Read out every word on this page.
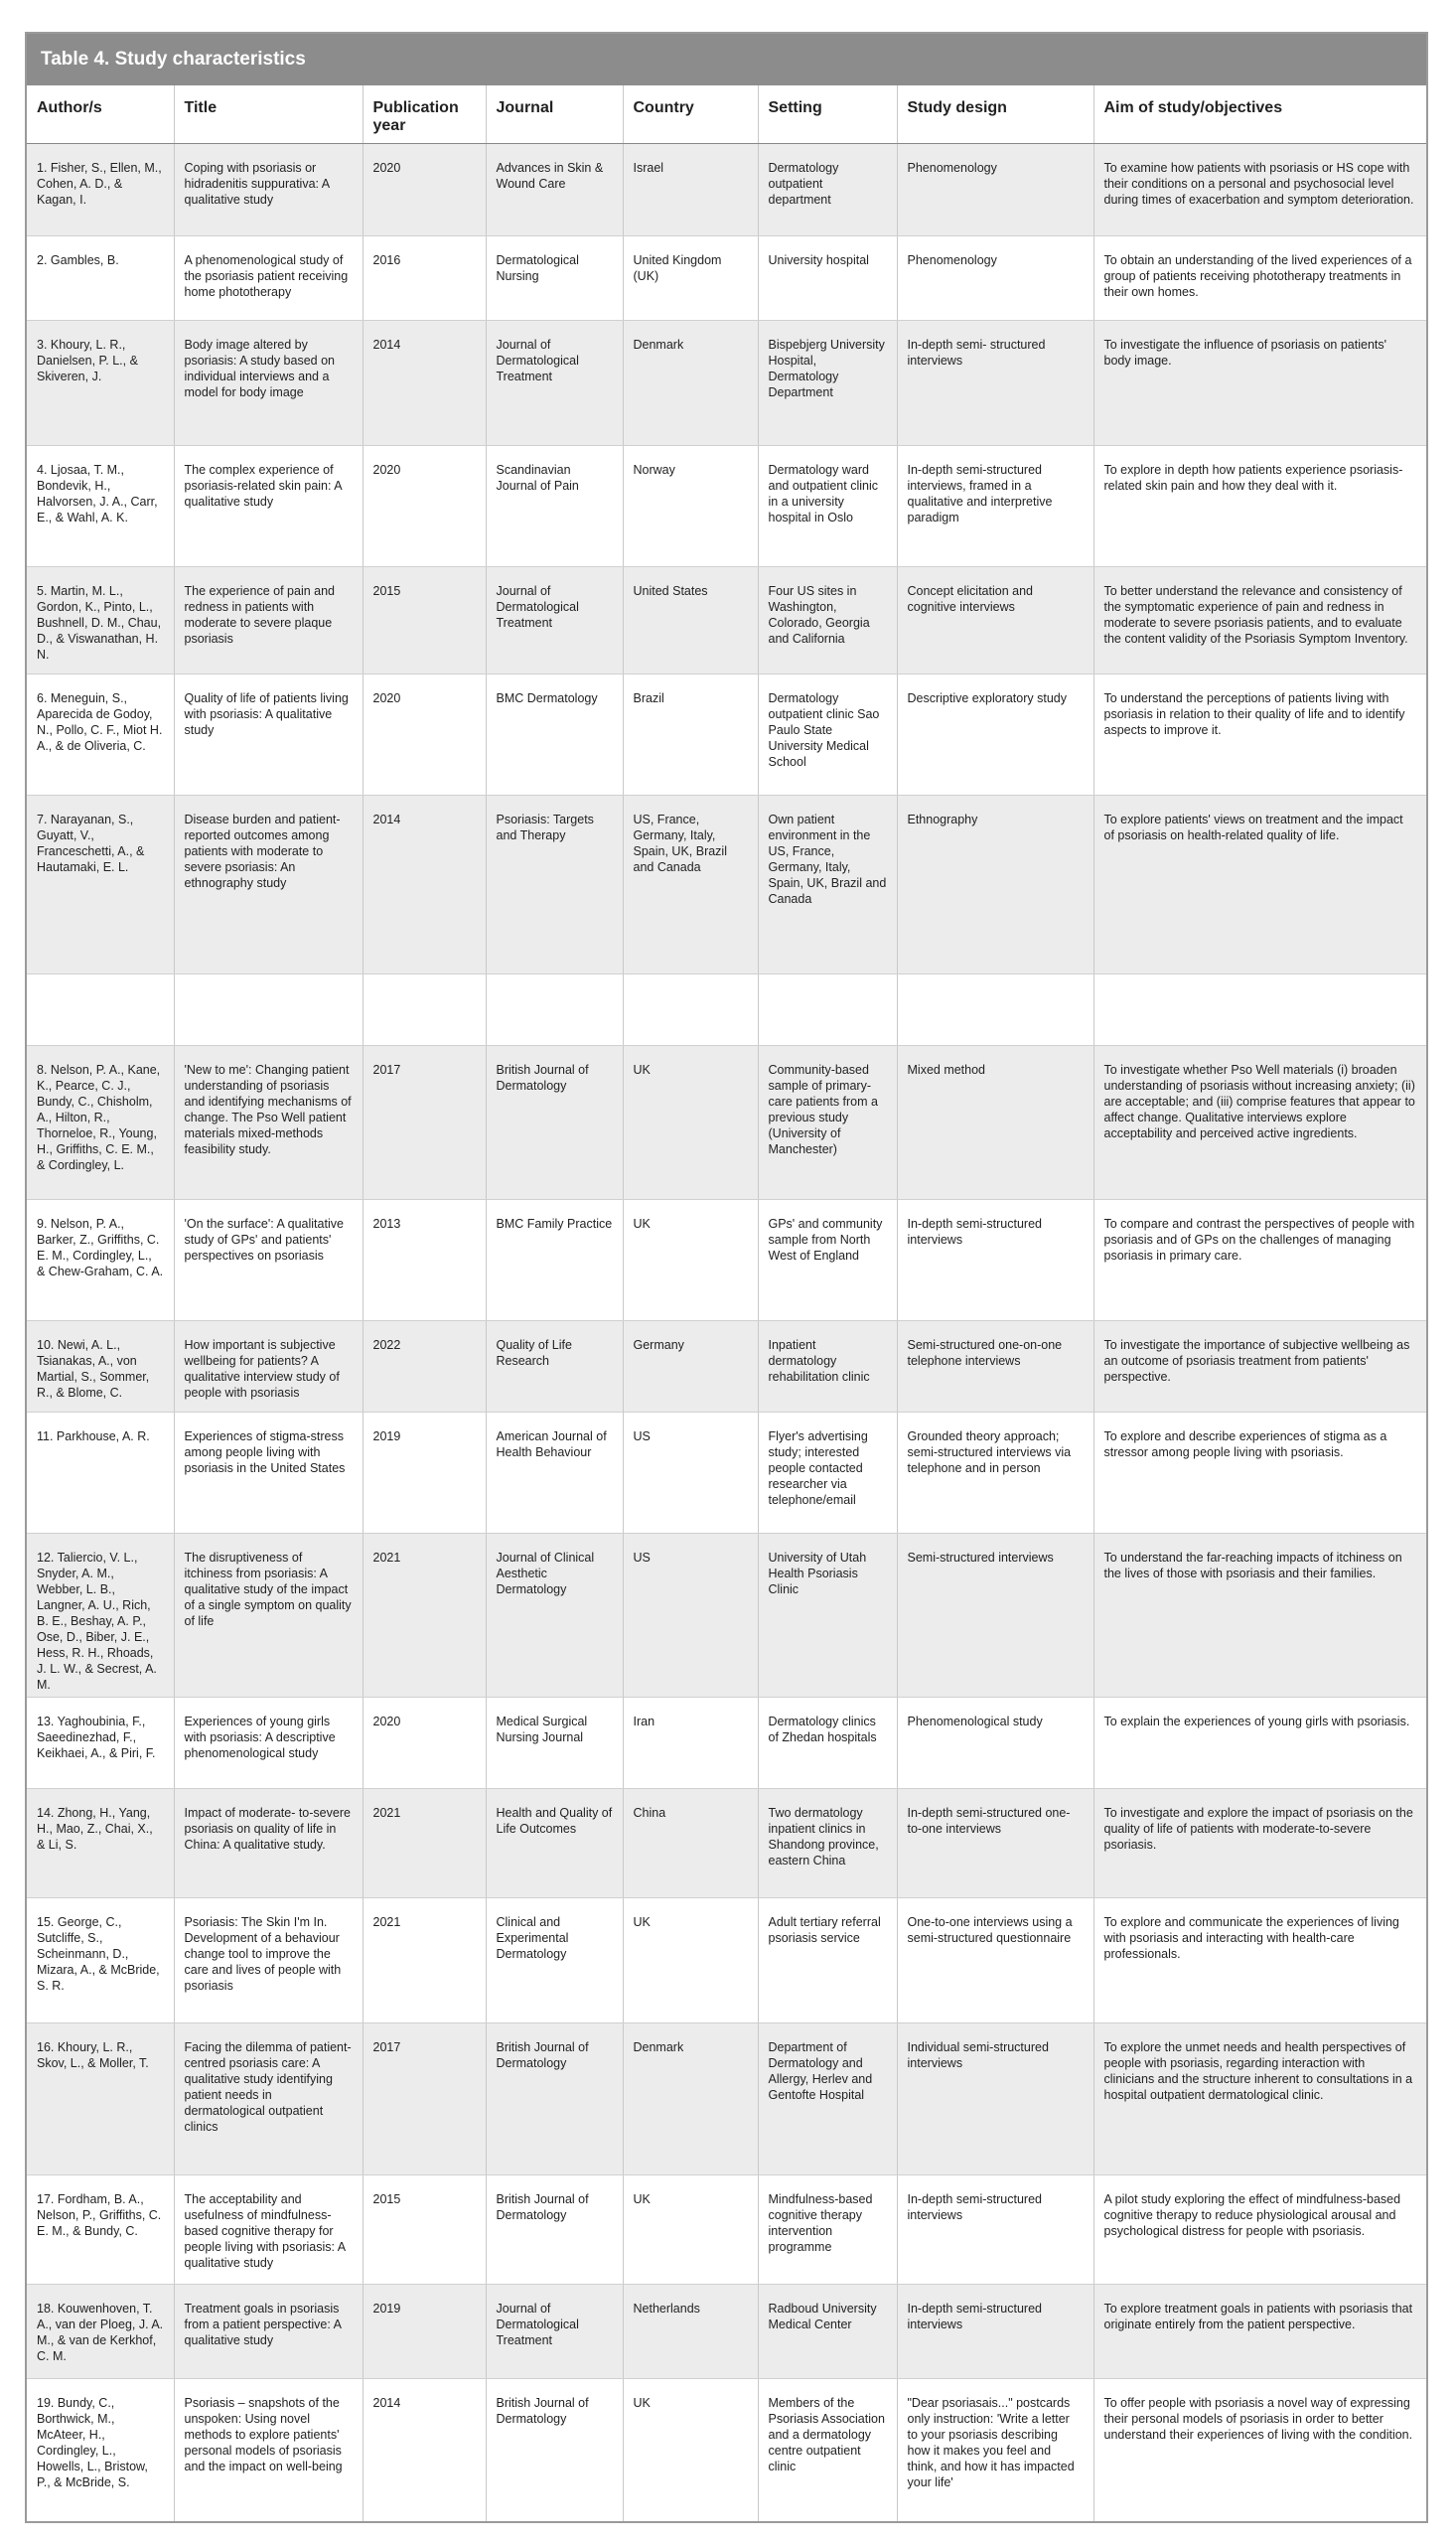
Table 4. Study characteristics
Author/s	Title	Publication year	Journal	Country	Setting	Study design	Aim of study/objectives
1. Fisher, S., Ellen, M., Cohen, A. D., & Kagan, I.	Coping with psoriasis or hidradenitis suppurativa: A qualitative study	2020	Advances in Skin & Wound Care	Israel	Dermatology outpatient department	Phenomenology	To examine how patients with psoriasis or HS cope with their conditions on a personal and psychosocial level during times of exacerbation and symptom deterioration.
2. Gambles, B.	A phenomenological study of the psoriasis patient receiving home phototherapy	2016	Dermatological Nursing	United Kingdom (UK)	University hospital	Phenomenology	To obtain an understanding of the lived experiences of a group of patients receiving phototherapy treatments in their own homes.
3. Khoury, L. R., Danielsen, P. L., & Skiveren, J.	Body image altered by psoriasis: A study based on individual interviews and a model for body image	2014	Journal of Dermatological Treatment	Denmark	Bispebjerg University Hospital, Dermatology Department	In-depth semi- structured interviews	To investigate the influence of psoriasis on patients' body image.
4. Ljosaa, T. M., Bondevik, H., Halvorsen, J. A., Carr, E., & Wahl, A. K.	The complex experience of psoriasis-related skin pain: A qualitative study	2020	Scandinavian Journal of Pain	Norway	Dermatology ward and outpatient clinic in a university hospital in Oslo	In-depth semi-structured interviews, framed in a qualitative and interpretive paradigm	To explore in depth how patients experience psoriasis-related skin pain and how they deal with it.
5. Martin, M. L., Gordon, K., Pinto, L., Bushnell, D. M., Chau, D., & Viswanathan, H. N.	The experience of pain and redness in patients with moderate to severe plaque psoriasis	2015	Journal of Dermatological Treatment	United States	Four US sites in Washington, Colorado, Georgia and California	Concept elicitation and cognitive interviews	To better understand the relevance and consistency of the symptomatic experience of pain and redness in moderate to severe psoriasis patients, and to evaluate the content validity of the Psoriasis Symptom Inventory.
6. Meneguin, S., Aparecida de Godoy, N., Pollo, C. F., Miot H. A., & de Oliveria, C.	Quality of life of patients living with psoriasis: A qualitative study	2020	BMC Dermatology	Brazil	Dermatology outpatient clinic Sao Paulo State University Medical School	Descriptive exploratory study	To understand the perceptions of patients living with psoriasis in relation to their quality of life and to identify aspects to improve it.
7. Narayanan, S., Guyatt, V., Franceschetti, A., & Hautamaki, E. L.	Disease burden and patient-reported outcomes among patients with moderate to severe psoriasis: An ethnography study	2014	Psoriasis: Targets and Therapy	US, France, Germany, Italy, Spain, UK, Brazil and Canada	Own patient environment in the US, France, Germany, Italy, Spain, UK, Brazil and Canada	Ethnography	To explore patients' views on treatment and the impact of psoriasis on health-related quality of life.

8. Nelson, P. A., Kane, K., Pearce, C. J., Bundy, C., Chisholm, A., Hilton, R., Thorneloe, R., Young, H., Griffiths, C. E. M., & Cordingley, L.	'New to me': Changing patient understanding of psoriasis and identifying mechanisms of change. The Pso Well patient materials mixed-methods feasibility study.	2017	British Journal of Dermatology	UK	Community-based sample of primary-care patients from a previous study (University of Manchester)	Mixed method	To investigate whether Pso Well materials (i) broaden understanding of psoriasis without increasing anxiety; (ii) are acceptable; and (iii) comprise features that appear to affect change. Qualitative interviews explore acceptability and perceived active ingredients.
9. Nelson, P. A., Barker, Z., Griffiths, C. E. M., Cordingley, L., & Chew-Graham, C. A.	'On the surface': A qualitative study of GPs' and patients' perspectives on psoriasis	2013	BMC Family Practice	UK	GPs' and community sample from North West of England	In-depth semi-structured interviews	To compare and contrast the perspectives of people with psoriasis and of GPs on the challenges of managing psoriasis in primary care.
10. Newi, A. L., Tsianakas, A., von Martial, S., Sommer, R., & Blome, C.	How important is subjective wellbeing for patients? A qualitative interview study of people with psoriasis	2022	Quality of Life Research	Germany	Inpatient dermatology rehabilitation clinic	Semi-structured one-on-one telephone interviews	To investigate the importance of subjective wellbeing as an outcome of psoriasis treatment from patients' perspective.
11. Parkhouse, A. R.	Experiences of stigma-stress among people living with psoriasis in the United States	2019	American Journal of Health Behaviour	US	Flyer's advertising study; interested people contacted researcher via telephone/email	Grounded theory approach; semi-structured interviews via telephone and in person	To explore and describe experiences of stigma as a stressor among people living with psoriasis.
12. Taliercio, V. L., Snyder, A. M., Webber, L. B., Langner, A. U., Rich, B. E., Beshay, A. P., Ose, D., Biber, J. E., Hess, R. H., Rhoads, J. L. W., & Secrest, A. M.	The disruptiveness of itchiness from psoriasis: A qualitative study of the impact of a single symptom on quality of life	2021	Journal of Clinical Aesthetic Dermatology	US	University of Utah Health Psoriasis Clinic	Semi-structured interviews	To understand the far-reaching impacts of itchiness on the lives of those with psoriasis and their families.
13. Yaghoubinia, F., Saeedinezhad, F., Keikhaei, A., & Piri, F.	Experiences of young girls with psoriasis: A descriptive phenomenological study	2020	Medical Surgical Nursing Journal	Iran	Dermatology clinics of Zhedan hospitals	Phenomenological study	To explain the experiences of young girls with psoriasis.
14. Zhong, H., Yang, H., Mao, Z., Chai, X., & Li, S.	Impact of moderate- to-severe psoriasis on quality of life in China: A qualitative study.	2021	Health and Quality of Life Outcomes	China	Two dermatology inpatient clinics in Shandong province, eastern China	In-depth semi-structured one-to-one interviews	To investigate and explore the impact of psoriasis on the quality of life of patients with moderate-to-severe psoriasis.
15. George, C., Sutcliffe, S., Scheinmann, D., Mizara, A., & McBride, S. R.	Psoriasis: The Skin I'm In. Development of a behaviour change tool to improve the care and lives of people with psoriasis	2021	Clinical and Experimental Dermatology	UK	Adult tertiary referral psoriasis service	One-to-one interviews using a semi-structured questionnaire	To explore and communicate the experiences of living with psoriasis and interacting with health-care professionals.
16. Khoury, L. R., Skov, L., & Moller, T.	Facing the dilemma of patient-centred psoriasis care: A qualitative study identifying patient needs in dermatological outpatient clinics	2017	British Journal of Dermatology	Denmark	Department of Dermatology and Allergy, Herlev and Gentofte Hospital	Individual semi-structured interviews	To explore the unmet needs and health perspectives of people with psoriasis, regarding interaction with clinicians and the structure inherent to consultations in a hospital outpatient dermatological clinic.
17. Fordham, B. A., Nelson, P., Griffiths, C. E. M., & Bundy, C.	The acceptability and usefulness of mindfulness-based cognitive therapy for people living with psoriasis: A qualitative study	2015	British Journal of Dermatology	UK	Mindfulness-based cognitive therapy intervention programme	In-depth semi-structured interviews	A pilot study exploring the effect of mindfulness-based cognitive therapy to reduce physiological arousal and psychological distress for people with psoriasis.
18. Kouwenhoven, T. A., van der Ploeg, J. A. M., & van de Kerkhof, C. M.	Treatment goals in psoriasis from a patient perspective: A qualitative study	2019	Journal of Dermatological Treatment	Netherlands	Radboud University Medical Center	In-depth semi-structured interviews	To explore treatment goals in patients with psoriasis that originate entirely from the patient perspective.
19. Bundy, C., Borthwick, M., McAteer, H., Cordingley, L., Howells, L., Bristow, P., & McBride, S.	Psoriasis – snapshots of the unspoken: Using novel methods to explore patients' personal models of psoriasis and the impact on well-being	2014	British Journal of Dermatology	UK	Members of the Psoriasis Association and a dermatology centre outpatient clinic	"Dear psoriasais..." postcards only instruction: 'Write a letter to your psoriasis describing how it makes you feel and think, and how it has impacted your life'	To offer people with psoriasis a novel way of expressing their personal models of psoriasis in order to better understand their experiences of living with the condition.
